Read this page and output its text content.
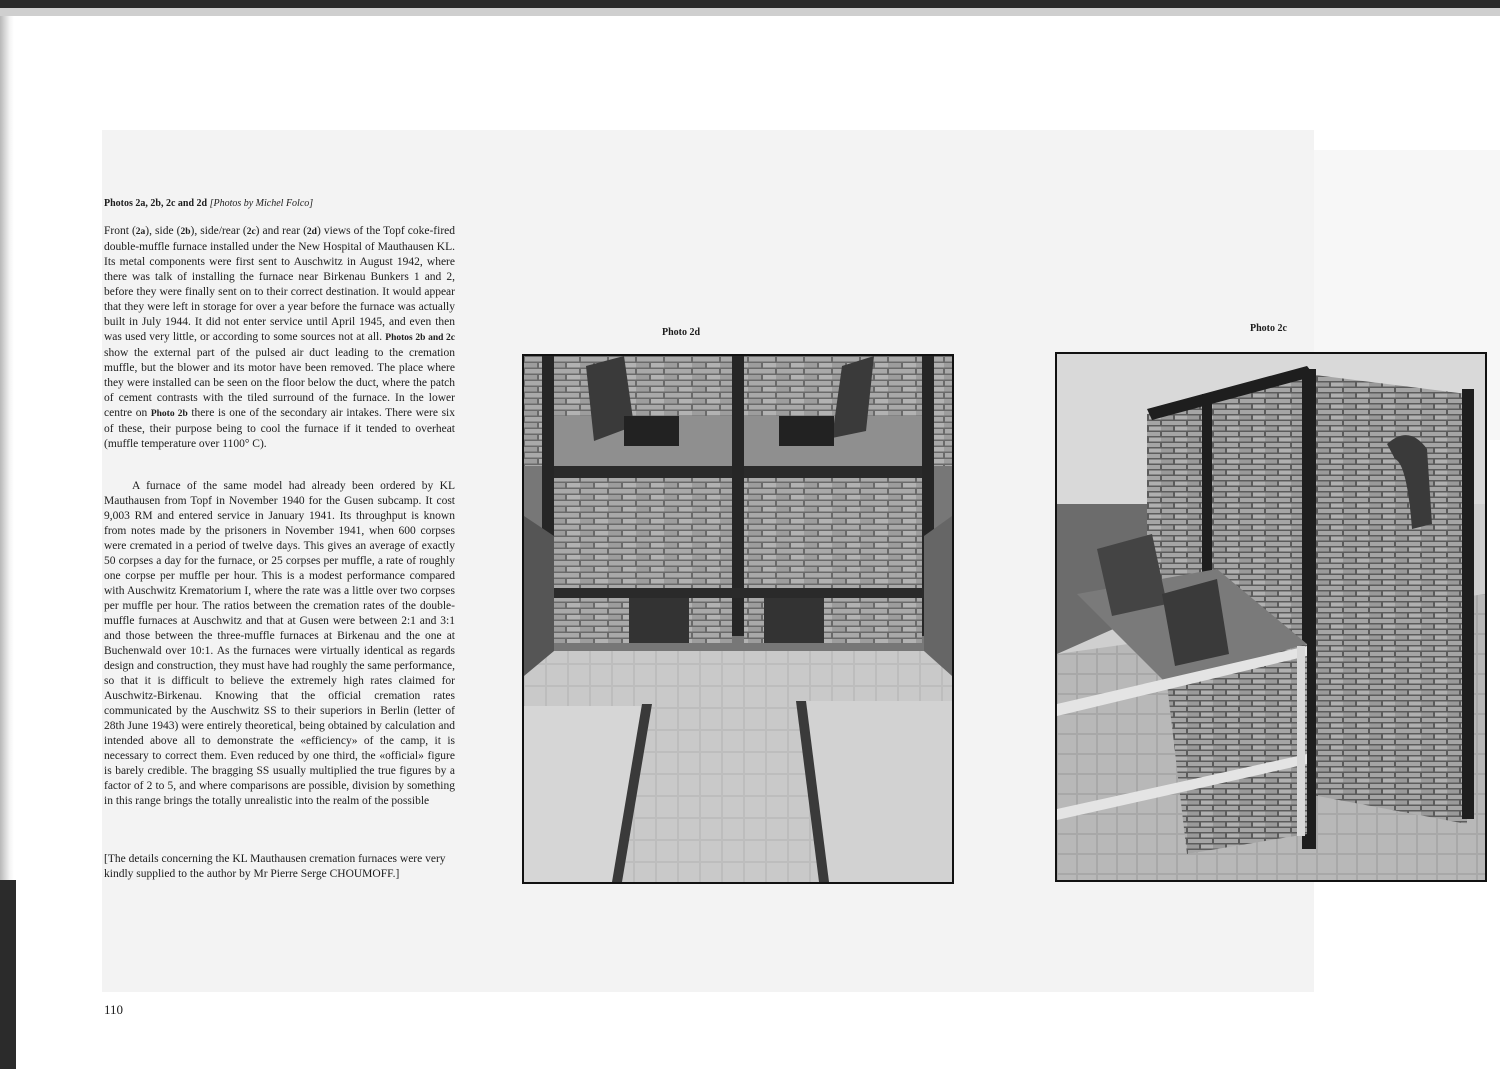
Photos 2a, 2b, 2c and 2d [Photos by Michel Folco]
Front (2a), side (2b), side/rear (2c) and rear (2d) views of the Topf coke-fired double-muffle furnace installed under the New Hospital of Mauthausen KL. Its metal components were first sent to Auschwitz in August 1942, where there was talk of installing the furnace near Birkenau Bunkers 1 and 2, before they were finally sent on to their correct destination. It would appear that they were left in storage for over a year before the furnace was actually built in July 1944. It did not enter service until April 1945, and even then was used very little, or according to some sources not at all. Photos 2b and 2c show the external part of the pulsed air duct leading to the cremation muffle, but the blower and its motor have been removed. The place where they were installed can be seen on the floor below the duct, where the patch of cement contrasts with the tiled surround of the furnace. In the lower centre on Photo 2b there is one of the secondary air intakes. There were six of these, their purpose being to cool the furnace if it tended to overheat (muffle temperature over 1100° C).
A furnace of the same model had already been ordered by KL Mauthausen from Topf in November 1940 for the Gusen subcamp. It cost 9,003 RM and entered service in January 1941. Its throughput is known from notes made by the prisoners in November 1941, when 600 corpses were cremated in a period of twelve days. This gives an average of exactly 50 corpses a day for the furnace, or 25 corpses per muffle, a rate of roughly one corpse per muffle per hour. This is a modest performance compared with Auschwitz Krematorium I, where the rate was a little over two corpses per muffle per hour. The ratios between the cremation rates of the double-muffle furnaces at Auschwitz and that at Gusen were between 2:1 and 3:1 and those between the three-muffle furnaces at Birkenau and the one at Buchenwald over 10:1. As the furnaces were virtually identical as regards design and construction, they must have had roughly the same performance, so that it is difficult to believe the extremely high rates claimed for Auschwitz-Birkenau. Knowing that the official cremation rates communicated by the Auschwitz SS to their superiors in Berlin (letter of 28th June 1943) were entirely theoretical, being obtained by calculation and intended above all to demonstrate the «efficiency» of the camp, it is necessary to correct them. Even reduced by one third, the «official» figure is barely credible. The bragging SS usually multiplied the true figures by a factor of 2 to 5, and where comparisons are possible, division by something in this range brings the totally unrealistic into the realm of the possible
[The details concerning the KL Mauthausen cremation furnaces were very kindly supplied to the author by Mr Pierre Serge CHOUMOFF.]
Photo 2d	Photo 2c
110
